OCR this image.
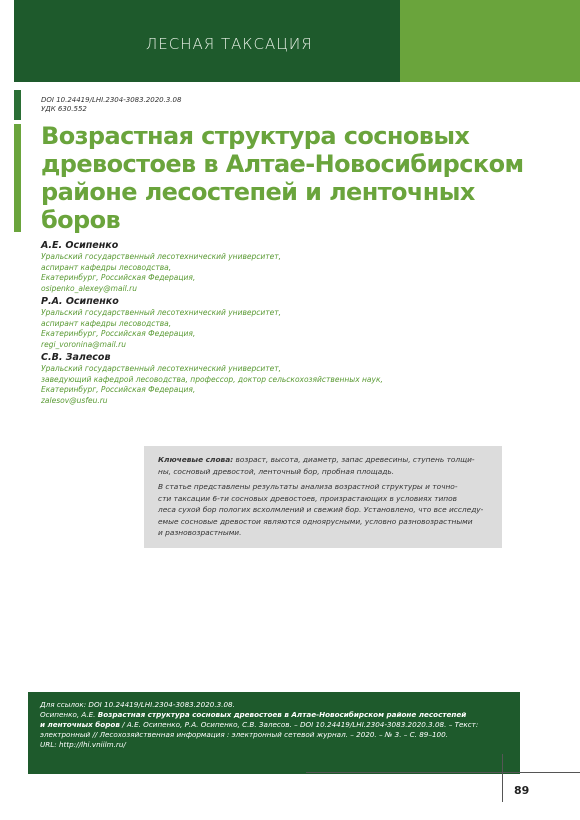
ЛЕСНАЯ ТАКСАЦИЯ
DOI 10.24419/LHI.2304-3083.2020.3.08
УДК 630.552
Возрастная структура сосновых
древостоев в Алтае-Новосибирском
районе лесостепей и ленточных боров
А.Е. Осипенко
Уральский государственный лесотехнический университет,
аспирант кафедры лесоводства,
Екатеринбург, Российская Федерация,
osipenko_alexey@mail.ru
Р.А. Осипенко
Уральский государственный лесотехнический университет,
аспирант кафедры лесоводства,
Екатеринбург, Российская Федерация,
regi_voronina@mail.ru
С.В. Залесов
Уральский государственный лесотехнический университет,
заведующий кафедрой лесоводства, профессор, доктор сельскохозяйственных наук,
Екатеринбург, Российская Федерация,
zalesov@usfeu.ru
Ключевые слова: возраст, высота, диаметр, запас древесины, ступень толщи-
ны, сосновый древостой, ленточный бор, пробная площадь.
В статье представлены результаты анализа возрастной структуры и точно-
сти таксации 6-ти сосновых древостоев, произрастающих в условиях типов
леса сухой бор пологих всхолмлений и свежий бор. Установлено, что все исследу-
емые сосновые древостои являются одноярусными, условно разновозрастными
и разновозрастными.
Для ссылок: DOI 10.24419/LHI.2304-3083.2020.3.08.
Осипенко, А.Е. Возрастная структура сосновых древостоев в Алтае-Новосибирском районе лесостепей
и ленточных боров / А.Е. Осипенко, Р.А. Осипенко, С.В. Залесов. – DOI 10.24419/LHI.2304-3083.2020.3.08. – Текст:
электронный // Лесохозяйственная информация : электронный сетевой журнал. – 2020. – № 3. – С. 89–100.
URL: http://lhi.vniilm.ru/
89
